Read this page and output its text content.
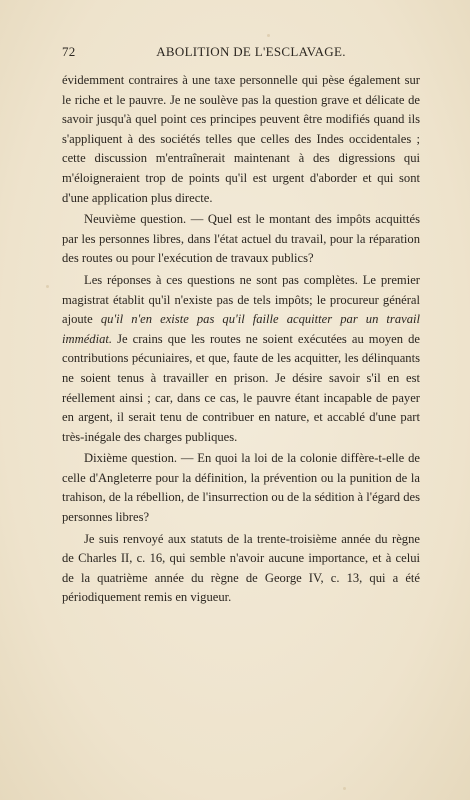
72	ABOLITION DE L'ESCLAVAGE.

évidemment contraires à une taxe personnelle qui pèse également sur le riche et le pauvre. Je ne soulève pas la question grave et délicate de savoir jusqu'à quel point ces principes peuvent être modifiés quand ils s'appliquent à des sociétés telles que celles des Indes occidentales ; cette discussion m'entraînerait maintenant à des digressions qui m'éloigneraient trop de points qu'il est urgent d'aborder et qui sont d'une application plus directe.

Neuvième question. — Quel est le montant des impôts acquittés par les personnes libres, dans l'état actuel du travail, pour la réparation des routes ou pour l'exécution de travaux publics?

Les réponses à ces questions ne sont pas complètes. Le premier magistrat établit qu'il n'existe pas de tels impôts; le procureur général ajoute qu'il n'en existe pas qu'il faille acquitter par un travail immédiat. Je crains que les routes ne soient exécutées au moyen de contributions pécuniaires, et que, faute de les acquitter, les délinquants ne soient tenus à travailler en prison. Je désire savoir s'il en est réellement ainsi ; car, dans ce cas, le pauvre étant incapable de payer en argent, il serait tenu de contribuer en nature, et accablé d'une part très-inégale des charges publiques.

Dixième question. — En quoi la loi de la colonie diffère-t-elle de celle d'Angleterre pour la définition, la prévention ou la punition de la trahison, de la rébellion, de l'insurrection ou de la sédition à l'égard des personnes libres?

Je suis renvoyé aux statuts de la trente-troisième année du règne de Charles II, c. 16, qui semble n'avoir aucune importance, et à celui de la quatrième année du règne de George IV, c. 13, qui a été périodiquement remis en vigueur.
